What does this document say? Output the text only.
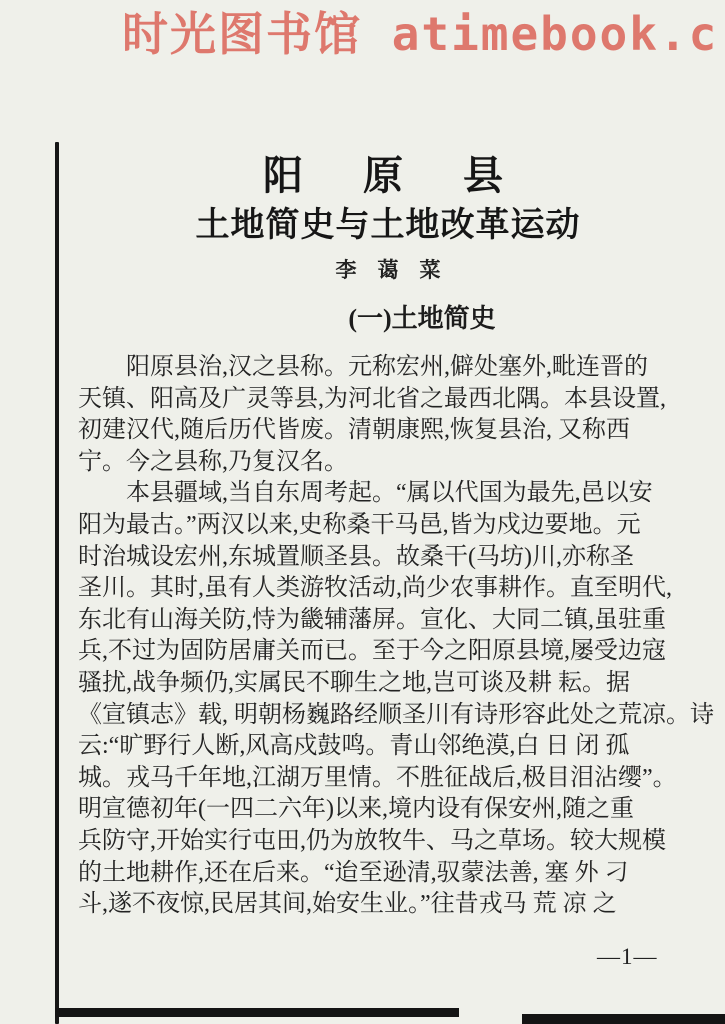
时光图书馆 atimebook.c
阳　原　县
土地简史与土地改革运动
李　蔼　菜
(一)土地简史
阳原县治,汉之县称。元称宏州,僻处塞外,毗连晋的
天镇、阳高及广灵等县,为河北省之最西北隅。本县设置,
初建汉代,随后历代皆废。清朝康熙,恢复县治, 又称西
宁。今之县称,乃复汉名。
本县疆域,当自东周考起。“属以代国为最先,邑以安
阳为最古。”两汉以来,史称桑干马邑,皆为戍边要地。元
时治城设宏州,东城置顺圣县。故桑干(马坊)川,亦称圣
圣川。其时,虽有人类游牧活动,尚少农事耕作。直至明代,
东北有山海关防,恃为畿辅藩屏。宣化、大同二镇,虽驻重
兵,不过为固防居庸关而已。至于今之阳原县境,屡受边寇
骚扰,战争频仍,实属民不聊生之地,岂可谈及耕 耘。据
《宣镇志》载, 明朝杨巍路经顺圣川有诗形容此处之荒凉。诗
云:“旷野行人断,风高戍鼓鸣。青山邻绝漠,白 日 闭 孤
城。戎马千年地,江湖万里情。不胜征战后,极目泪沾缨”。
明宣德初年(一四二六年)以来,境内设有保安州,随之重
兵防守,开始实行屯田,仍为放牧牛、马之草场。较大规模
的土地耕作,还在后来。“迨至逊清,驭蒙法善, 塞 外 刁
斗,遂不夜惊,民居其间,始安生业。”往昔戎马 荒 凉 之
—1—
